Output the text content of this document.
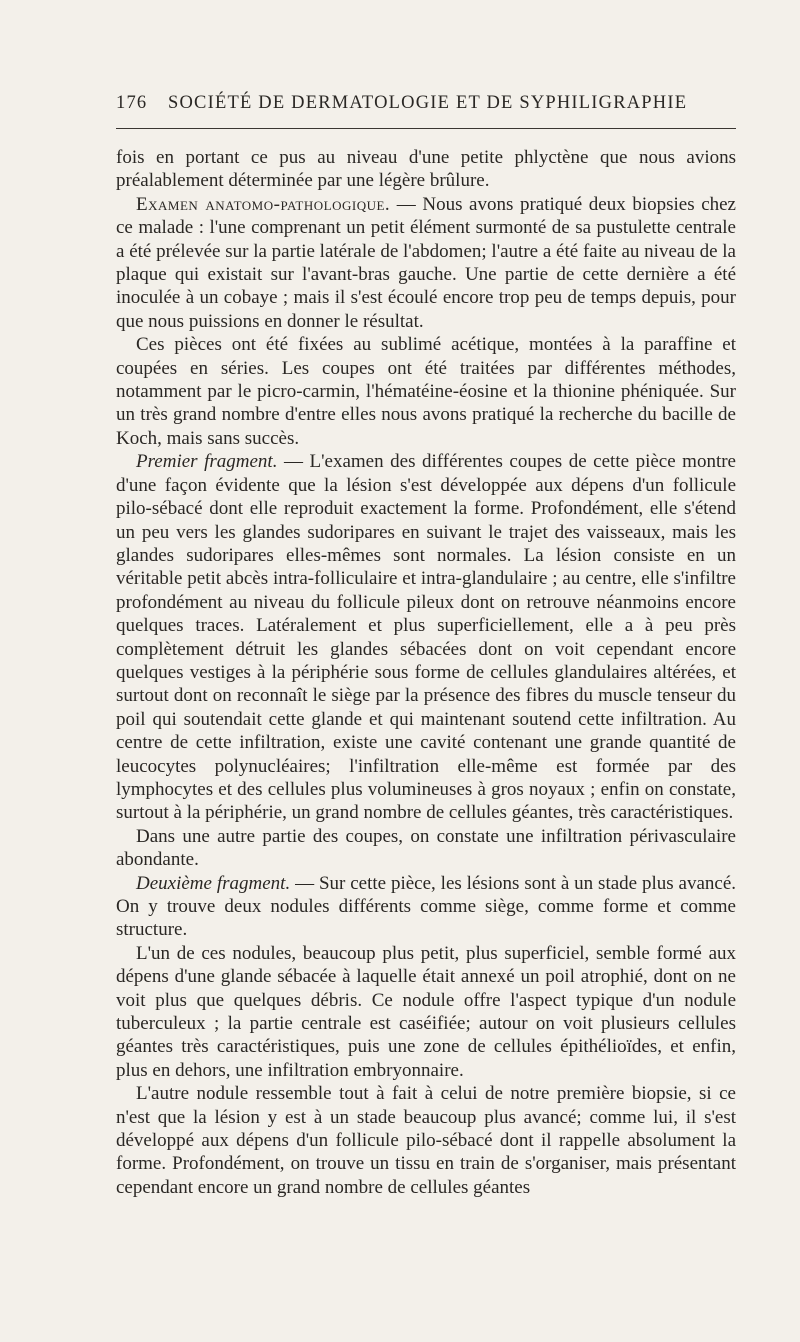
176 SOCIÉTÉ DE DERMATOLOGIE ET DE SYPHILIGRAPHIE

fois en portant ce pus au niveau d'une petite phlyctène que nous avions préalablement déterminée par une légère brûlure.

Examen anatomo-pathologique. — Nous avons pratiqué deux biopsies chez ce malade : l'une comprenant un petit élément surmonté de sa pustulette centrale a été prélevée sur la partie latérale de l'abdomen; l'autre a été faite au niveau de la plaque qui existait sur l'avant-bras gauche. Une partie de cette dernière a été inoculée à un cobaye ; mais il s'est écoulé encore trop peu de temps depuis, pour que nous puissions en donner le résultat.

Ces pièces ont été fixées au sublimé acétique, montées à la paraffine et coupées en séries. Les coupes ont été traitées par différentes méthodes, notamment par le picro-carmin, l'hématéine-éosine et la thionine phéniquée. Sur un très grand nombre d'entre elles nous avons pratiqué la recherche du bacille de Koch, mais sans succès.

Premier fragment. — L'examen des différentes coupes de cette pièce montre d'une façon évidente que la lésion s'est développée aux dépens d'un follicule pilo-sébacé dont elle reproduit exactement la forme. Profondément, elle s'étend un peu vers les glandes sudoripares en suivant le trajet des vaisseaux, mais les glandes sudoripares elles-mêmes sont normales. La lésion consiste en un véritable petit abcès intra-folliculaire et intra-glandulaire ; au centre, elle s'infiltre profondément au niveau du follicule pileux dont on retrouve néanmoins encore quelques traces. Latéralement et plus superficiellement, elle a à peu près complètement détruit les glandes sébacées dont on voit cependant encore quelques vestiges à la périphérie sous forme de cellules glandulaires altérées, et surtout dont on reconnaît le siège par la présence des fibres du muscle tenseur du poil qui soutendait cette glande et qui maintenant soutend cette infiltration. Au centre de cette infiltration, existe une cavité contenant une grande quantité de leucocytes polynucléaires; l'infiltration elle-même est formée par des lymphocytes et des cellules plus volumineuses à gros noyaux ; enfin on constate, surtout à la périphérie, un grand nombre de cellules géantes, très caractéristiques.

Dans une autre partie des coupes, on constate une infiltration périvasculaire abondante.

Deuxième fragment. — Sur cette pièce, les lésions sont à un stade plus avancé. On y trouve deux nodules différents comme siège, comme forme et comme structure.

L'un de ces nodules, beaucoup plus petit, plus superficiel, semble formé aux dépens d'une glande sébacée à laquelle était annexé un poil atrophié, dont on ne voit plus que quelques débris. Ce nodule offre l'aspect typique d'un nodule tuberculeux ; la partie centrale est caséifiée; autour on voit plusieurs cellules géantes très caractéristiques, puis une zone de cellules épithélioïdes, et enfin, plus en dehors, une infiltration embryonnaire.

L'autre nodule ressemble tout à fait à celui de notre première biopsie, si ce n'est que la lésion y est à un stade beaucoup plus avancé; comme lui, il s'est développé aux dépens d'un follicule pilo-sébacé dont il rappelle absolument la forme. Profondément, on trouve un tissu en train de s'organiser, mais présentant cependant encore un grand nombre de cellules géantes
